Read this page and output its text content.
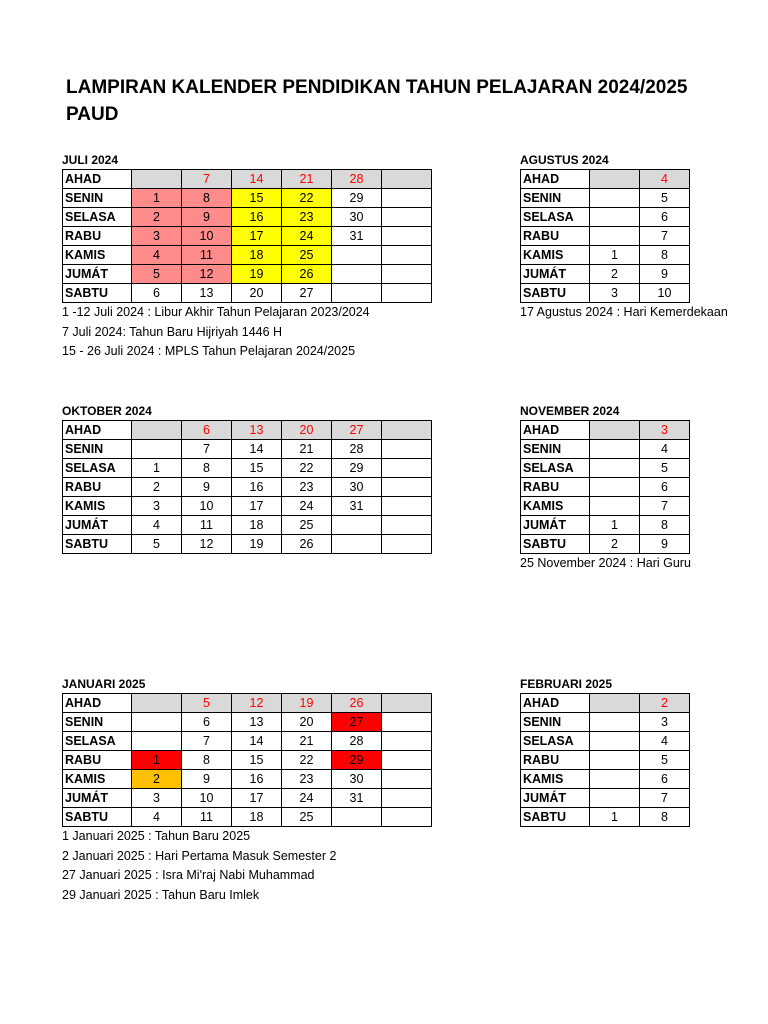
LAMPIRAN KALENDER PENDIDIKAN TAHUN PELAJARAN 2024/2025
PAUD
JULI 2024
AHAD		7	14	21	28	
SENIN	1	8	15	22	29	
SELASA	2	9	16	23	30	
RABU	3	10	17	24	31	
KAMIS	4	11	18	25		
JUMÁT	5	12	19	26		
SABTU	6	13	20	27		
1 -12 Juli 2024 : Libur Akhir Tahun Pelajaran 2023/2024
7 Juli 2024: Tahun Baru Hijriyah 1446 H
15 - 26 Juli 2024 : MPLS Tahun Pelajaran 2024/2025
AGUSTUS 2024
AHAD		4
SENIN		5
SELASA		6
RABU		7
KAMIS	1	8
JUMÁT	2	9
SABTU	3	10
17 Agustus 2024 : Hari Kemerdekaan
OKTOBER 2024
AHAD		6	13	20	27	
SENIN		7	14	21	28	
SELASA	1	8	15	22	29	
RABU	2	9	16	23	30	
KAMIS	3	10	17	24	31	
JUMÁT	4	11	18	25		
SABTU	5	12	19	26		
NOVEMBER 2024
AHAD		3
SENIN		4
SELASA		5
RABU		6
KAMIS		7
JUMÁT	1	8
SABTU	2	9
25 November 2024 : Hari Guru
JANUARI 2025
AHAD		5	12	19	26	
SENIN		6	13	20	27	
SELASA		7	14	21	28	
RABU	1	8	15	22	29	
KAMIS	2	9	16	23	30	
JUMÁT	3	10	17	24	31	
SABTU	4	11	18	25		
1 Januari 2025 : Tahun Baru 2025
2 Januari 2025 : Hari Pertama Masuk Semester 2
27 Januari 2025 : Isra Mi'raj Nabi Muhammad
29 Januari 2025 : Tahun Baru Imlek
FEBRUARI 2025
AHAD		2
SENIN		3
SELASA		4
RABU		5
KAMIS		6
JUMÁT		7
SABTU	1	8
